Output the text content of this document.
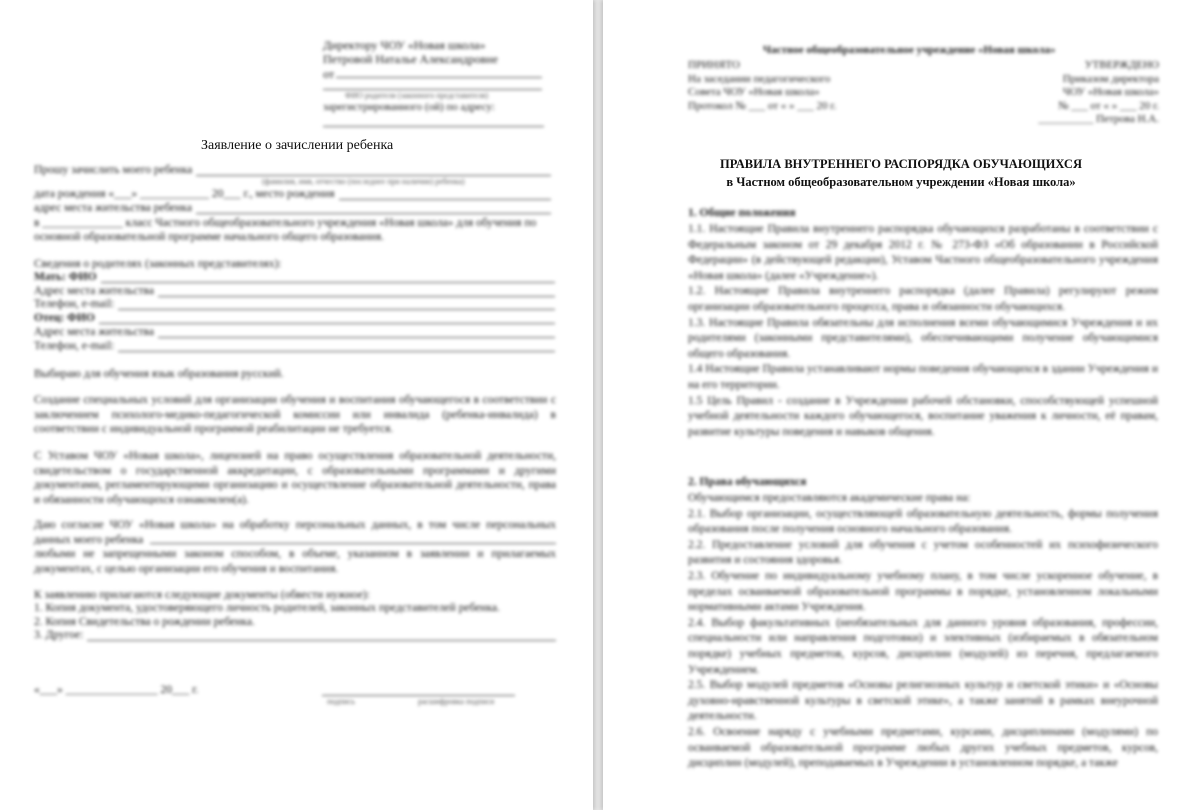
Директору ЧОУ «Новая школа»
Петровой Наталье Александровне
от
ФИО родителя (законного представителя)
зарегистрированного (ой) по адресу:
Заявление о зачислении ребенка
Прошу зачислить моего ребенка
(фамилия, имя, отчество (последнее при наличии) ребенка)
дата рождения «___» ____________ 20___ г., место рождения
адрес места жительства ребенка
в ______________ класс Частного общеобразовательного учреждения «Новая школа» для обучения по
основной образовательной программе начального общего образования.
Сведения о родителях (законных представителях):
Мать: ФИО
Адрес места жительства
Телефон, e-mail:
Отец: ФИО
Адрес места жительства
Телефон, e-mail:
Выбираю для обучения язык образования русский.
Создание специальных условий для организации обучения и воспитания обучающегося в соответствии с заключением психолого-медико-педагогической комиссии или инвалида (ребенка-инвалида) в соответствии с индивидуальной программой реабилитации не требуется.
С Уставом ЧОУ «Новая школа», лицензией на право осуществления образовательной деятельности, свидетельством о государственной аккредитации, с образовательными программами и другими документами, регламентирующими организацию и осуществление образовательной деятельности, права и обязанности обучающихся ознакомлен(а).
Даю согласие ЧОУ «Новая школа» на обработку персональных данных, в том числе персональных данных моего ребенка
любыми не запрещенными законом способом, в объеме, указанном в заявлении и прилагаемых документах, с целью организации его обучения и воспитания.
К заявлению прилагаются следующие документы (обвести нужное):
1. Копия документа, удостоверяющего личность родителей, законных представителей ребенка.
2. Копия Свидетельства о рождении ребенка.
3. Другое:
«___» ________________ 20___ г.
подпись	расшифровка подписи
Частное общеобразовательное учреждение «Новая школа»
ПРИНЯТО
На заседании педагогического
Совета ЧОУ «Новая школа»
Протокол № ___ от « » ___ 20 г.
УТВЕРЖДЕНО
Приказом директора
ЧОУ «Новая школа»
№ ___ от « » ___ 20 г.
__________ Петрова Н.А.
ПРАВИЛА ВНУТРЕННЕГО РАСПОРЯДКА ОБУЧАЮЩИХСЯ
в Частном общеобразовательном учреждении «Новая школа»
1. Общие положения

1.1. Настоящие Правила внутреннего распорядка обучающихся разработаны в соответствии с Федеральным законом от 29 декабря 2012 г. № 273-ФЗ «Об образовании в Российской Федерации» (в действующей редакции), Уставом Частного общеобразовательного учреждения «Новая школа» (далее «Учреждение»).

1.2. Настоящие Правила внутреннего распорядка (далее Правила) регулируют режим организации образовательного процесса, права и обязанности обучающихся.

1.3. Настоящие Правила обязательны для исполнения всеми обучающимися Учреждения и их родителями (законными представителями), обеспечивающими получение обучающимися общего образования.

1.4 Настоящие Правила устанавливают нормы поведения обучающихся в здании Учреждения и на его территории.

1.5 Цель Правил - создание в Учреждении рабочей обстановки, способствующей успешной учебной деятельности каждого обучающегося, воспитание уважения к личности, её правам, развитие культуры поведения и навыков общения.

2. Права обучающихся

Обучающимся предоставляются академические права на:

2.1. Выбор организации, осуществляющей образовательную деятельность, формы получения образования после получения основного начального образования.

2.2. Предоставление условий для обучения с учетом особенностей их психофизического развития и состояния здоровья.

2.3. Обучение по индивидуальному учебному плану, в том числе ускоренное обучение, в пределах осваиваемой образовательной программы в порядке, установленном локальными нормативными актами Учреждения.

2.4. Выбор факультативных (необязательных для данного уровня образования, профессии, специальности или направления подготовки) и элективных (избираемых в обязательном порядке) учебных предметов, курсов, дисциплин (модулей) из перечня, предлагаемого Учреждением.

2.5. Выбор модулей предметов «Основы религиозных культур и светской этики» и «Основы духовно-нравственной культуры в светской этике», а также занятий в рамках внеурочной деятельности.

2.6. Освоение наряду с учебными предметами, курсами, дисциплинами (модулями) по осваиваемой образовательной программе любых других учебных предметов, курсов, дисциплин (модулей), преподаваемых в Учреждении в установленном порядке, а также
